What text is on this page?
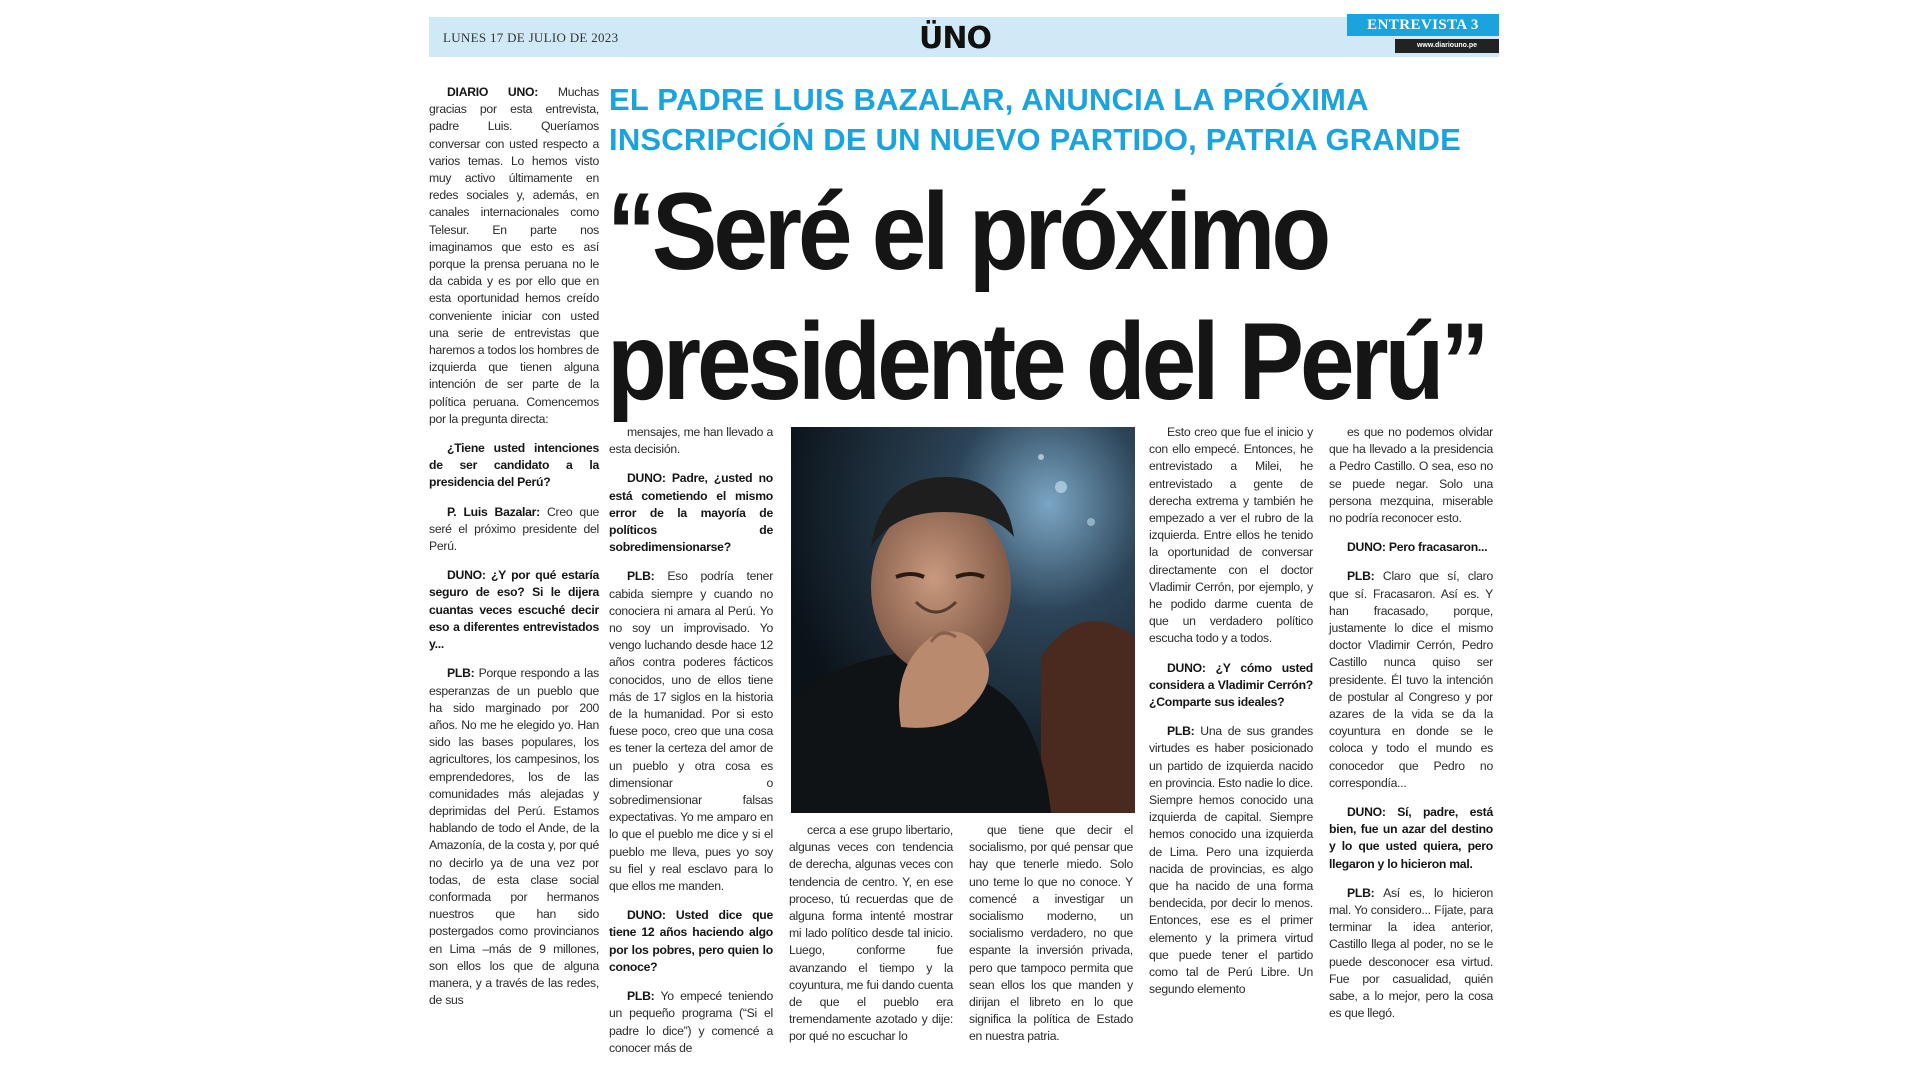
LUNES 17 DE JULIO DE 2023	ÜNO	ENTREVISTA 3
www.diariouno.pe
EL PADRE LUIS BAZALAR, ANUNCIA LA PRÓXIMA INSCRIPCIÓN DE UN NUEVO PARTIDO, PATRIA GRANDE
“Seré el próximo presidente del Perú”

DIARIO UNO: Muchas gracias por esta entrevista, padre Luis. Queríamos conversar con usted respecto a varios temas. Lo hemos visto muy activo últimamente en redes sociales y, además, en canales internacionales como Telesur. En parte nos imaginamos que esto es así porque la prensa peruana no le da cabida y es por ello que en esta oportunidad hemos creído conveniente iniciar con usted una serie de entrevistas que haremos a todos los hombres de izquierda que tienen alguna intención de ser parte de la política peruana. Comencemos por la pregunta directa:

¿Tiene usted intenciones de ser candidato a la presidencia del Perú?

P. Luis Bazalar: Creo que seré el próximo presidente del Perú.

DUNO: ¿Y por qué estaría seguro de eso? Si le dijera cuantas veces escuché decir eso a diferentes entrevistados y...

PLB: Porque respondo a las esperanzas de un pueblo que ha sido marginado por 200 años. No me he elegido yo. Han sido las bases populares, los agricultores, los campesinos, los emprendedores, los de las comunidades más alejadas y deprimidas del Perú. Estamos hablando de todo el Ande, de la Amazonía, de la costa y, por qué no decirlo ya de una vez por todas, de esta clase social conformada por hermanos nuestros que han sido postergados como provincianos en Lima –más de 9 millones, son ellos los que de alguna manera, y a través de las redes, de sus

mensajes, me han llevado a esta decisión.

DUNO: Padre, ¿usted no está cometiendo el mismo error de la mayoría de políticos de sobredimensionarse?

PLB: Eso podría tener cabida siempre y cuando no conociera ni amara al Perú. Yo no soy un improvisado. Yo vengo luchando desde hace 12 años contra poderes fácticos conocidos, uno de ellos tiene más de 17 siglos en la historia de la humanidad. Por si esto fuese poco, creo que una cosa es tener la certeza del amor de un pueblo y otra cosa es dimensionar o sobredimensionar falsas expectativas. Yo me amparo en lo que el pueblo me dice y si el pueblo me lleva, pues yo soy su fiel y real esclavo para lo que ellos me manden.

DUNO: Usted dice que tiene 12 años haciendo algo por los pobres, pero quien lo conoce?

PLB: Yo empecé teniendo un pequeño programa (“Si el padre lo dice”) y comencé a conocer más de

cerca a ese grupo libertario, algunas veces con tendencia de derecha, algunas veces con tendencia de centro. Y, en ese proceso, tú recuerdas que de alguna forma intenté mostrar mi lado político desde tal inicio. Luego, conforme fue avanzando el tiempo y la coyuntura, me fui dando cuenta de que el pueblo era tremendamente azotado y dije: por qué no escuchar lo

que tiene que decir el socialismo, por qué pensar que hay que tenerle miedo. Solo uno teme lo que no conoce. Y comencé a investigar un socialismo moderno, un socialismo verdadero, no que espante la inversión privada, pero que tampoco permita que sean ellos los que manden y dirijan el libreto en lo que significa la política de Estado en nuestra patria.

Esto creo que fue el inicio y con ello empecé. Entonces, he entrevistado a Milei, he entrevistado a gente de derecha extrema y también he empezado a ver el rubro de la izquierda. Entre ellos he tenido la oportunidad de conversar directamente con el doctor Vladimir Cerrón, por ejemplo, y he podido darme cuenta de que un verdadero político escucha todo y a todos.

DUNO: ¿Y cómo usted considera a Vladimir Cerrón? ¿Comparte sus ideales?

PLB: Una de sus grandes virtudes es haber posicionado un partido de izquierda nacido en provincia. Esto nadie lo dice. Siempre hemos conocido una izquierda de capital. Siempre hemos conocido una izquierda de Lima. Pero una izquierda nacida de provincias, es algo que ha nacido de una forma bendecida, por decir lo menos. Entonces, ese es el primer elemento y la primera virtud que puede tener el partido como tal de Perú Libre. Un segundo elemento

es que no podemos olvidar que ha llevado a la presidencia a Pedro Castillo. O sea, eso no se puede negar. Solo una persona mezquina, miserable no podría reconocer esto.

DUNO: Pero fracasaron...

PLB: Claro que sí, claro que sí. Fracasaron. Así es. Y han fracasado, porque, justamente lo dice el mismo doctor Vladimir Cerrón, Pedro Castillo nunca quiso ser presidente. Él tuvo la intención de postular al Congreso y por azares de la vida se da la coyuntura en donde se le coloca y todo el mundo es conocedor que Pedro no correspondía...

DUNO: Sí, padre, está bien, fue un azar del destino y lo que usted quiera, pero llegaron y lo hicieron mal.

PLB: Así es, lo hicieron mal. Yo considero... Fíjate, para terminar la idea anterior, Castillo llega al poder, no se le puede desconocer esa virtud. Fue por casualidad, quién sabe, a lo mejor, pero la cosa es que llegó.
